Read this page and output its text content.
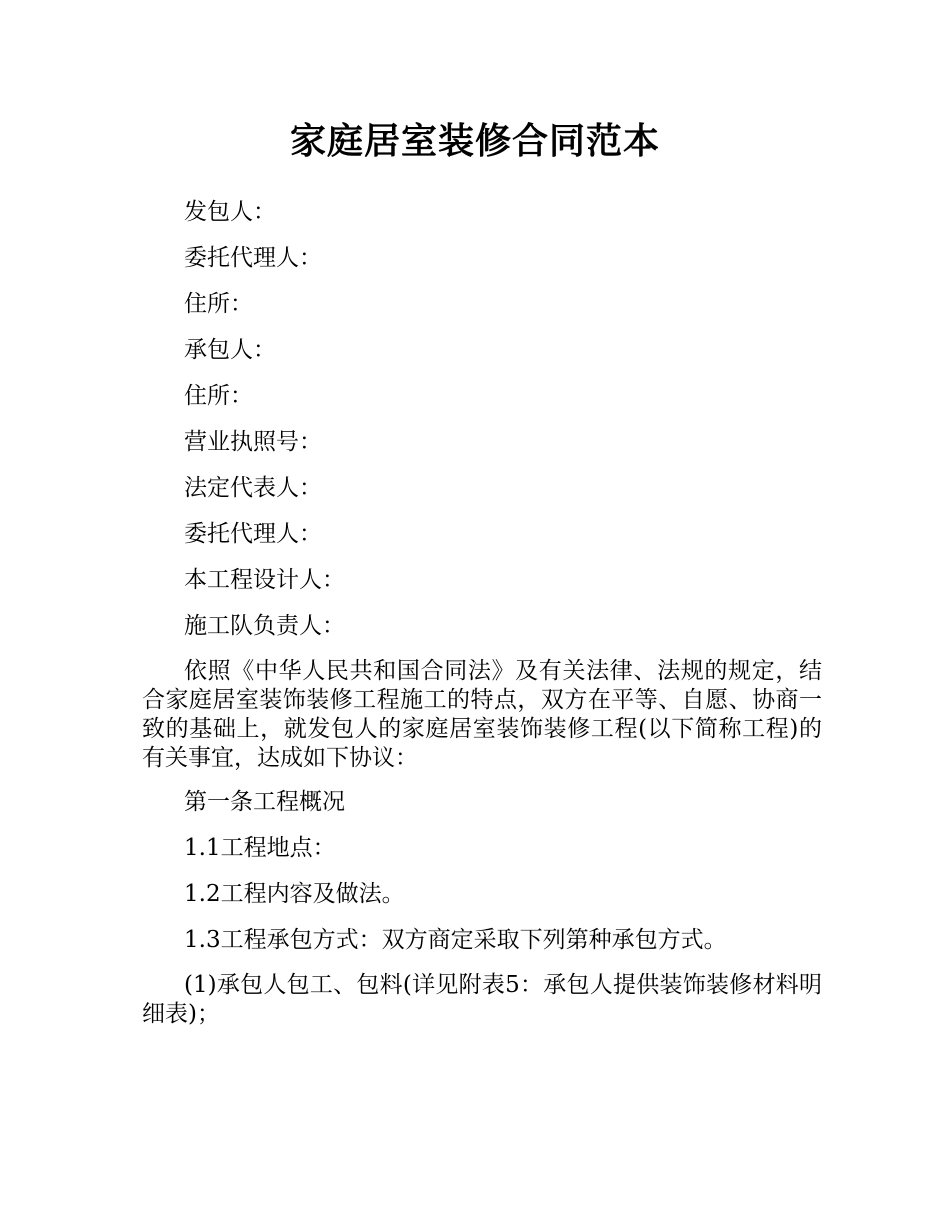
家庭居室装修合同范本

发包人：

委托代理人：

住所：

承包人：

住所：

营业执照号：

法定代表人：

委托代理人：

本工程设计人：

施工队负责人：

依照《中华人民共和国合同法》及有关法律、法规的规定，结合家庭居室装饰装修工程施工的特点，双方在平等、自愿、协商一致的基础上，就发包人的家庭居室装饰装修工程(以下简称工程)的有关事宜，达成如下协议：

第一条工程概况

1.1工程地点：

1.2工程内容及做法。

1.3工程承包方式：双方商定采取下列第种承包方式。

(1)承包人包工、包料(详见附表5：承包人提供装饰装修材料明细表)；
